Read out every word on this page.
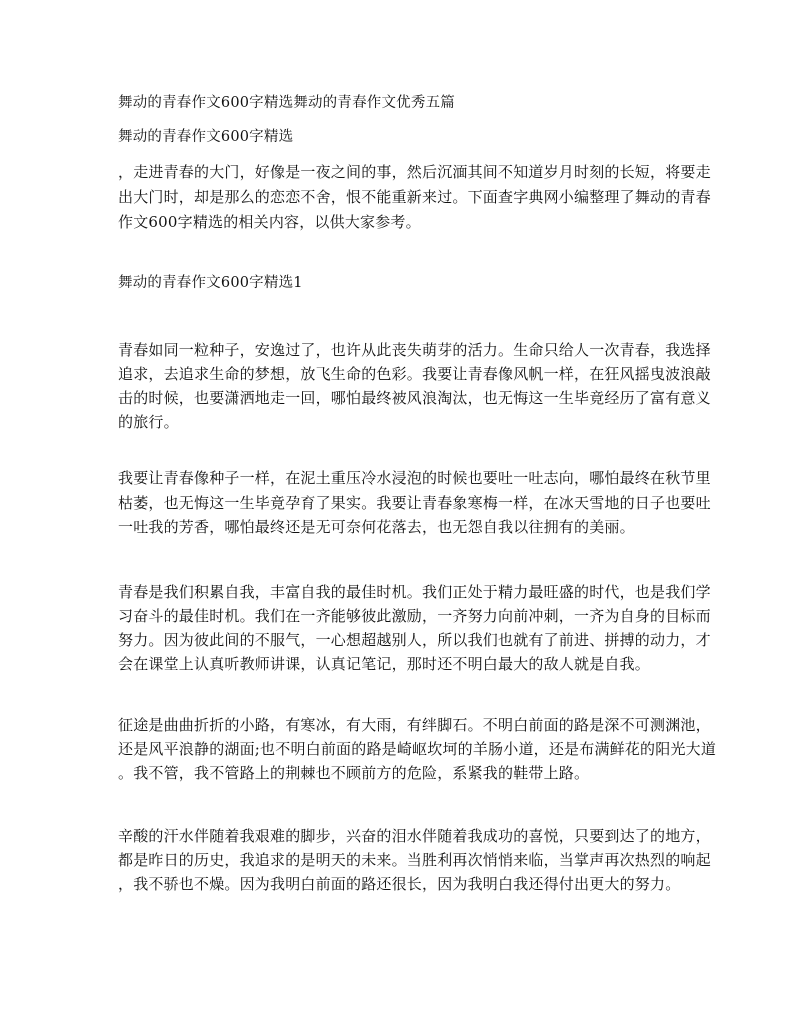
舞动的青春作文600字精选舞动的青春作文优秀五篇
舞动的青春作文600字精选
，走进青春的大门，好像是一夜之间的事，然后沉湎其间不知道岁月时刻的长短，将要走
出大门时，却是那么的恋恋不舍，恨不能重新来过。下面查字典网小编整理了舞动的青春
作文600字精选的相关内容，以供大家参考。
舞动的青春作文600字精选1
青春如同一粒种子，安逸过了，也许从此丧失萌芽的活力。生命只给人一次青春，我选择
追求，去追求生命的梦想，放飞生命的色彩。我要让青春像风帆一样，在狂风摇曳波浪敲
击的时候，也要潇洒地走一回，哪怕最终被风浪淘汰，也无悔这一生毕竟经历了富有意义
的旅行。
我要让青春像种子一样，在泥土重压冷水浸泡的时候也要吐一吐志向，哪怕最终在秋节里
枯萎，也无悔这一生毕竟孕育了果实。我要让青春象寒梅一样，在冰天雪地的日子也要吐
一吐我的芳香，哪怕最终还是无可奈何花落去，也无怨自我以往拥有的美丽。
青春是我们积累自我，丰富自我的最佳时机。我们正处于精力最旺盛的时代，也是我们学
习奋斗的最佳时机。我们在一齐能够彼此激励，一齐努力向前冲刺，一齐为自身的目标而
努力。因为彼此间的不服气，一心想超越别人，所以我们也就有了前进、拼搏的动力，才
会在课堂上认真听教师讲课，认真记笔记，那时还不明白最大的敌人就是自我。
征途是曲曲折折的小路，有寒冰，有大雨，有绊脚石。不明白前面的路是深不可测渊池，
还是风平浪静的湖面;也不明白前面的路是崎岖坎坷的羊肠小道，还是布满鲜花的阳光大道
。我不管，我不管路上的荆棘也不顾前方的危险，系紧我的鞋带上路。
辛酸的汗水伴随着我艰难的脚步，兴奋的泪水伴随着我成功的喜悦，只要到达了的地方，
都是昨日的历史，我追求的是明天的未来。当胜利再次悄悄来临，当掌声再次热烈的响起
，我不骄也不燥。因为我明白前面的路还很长，因为我明白我还得付出更大的努力。
